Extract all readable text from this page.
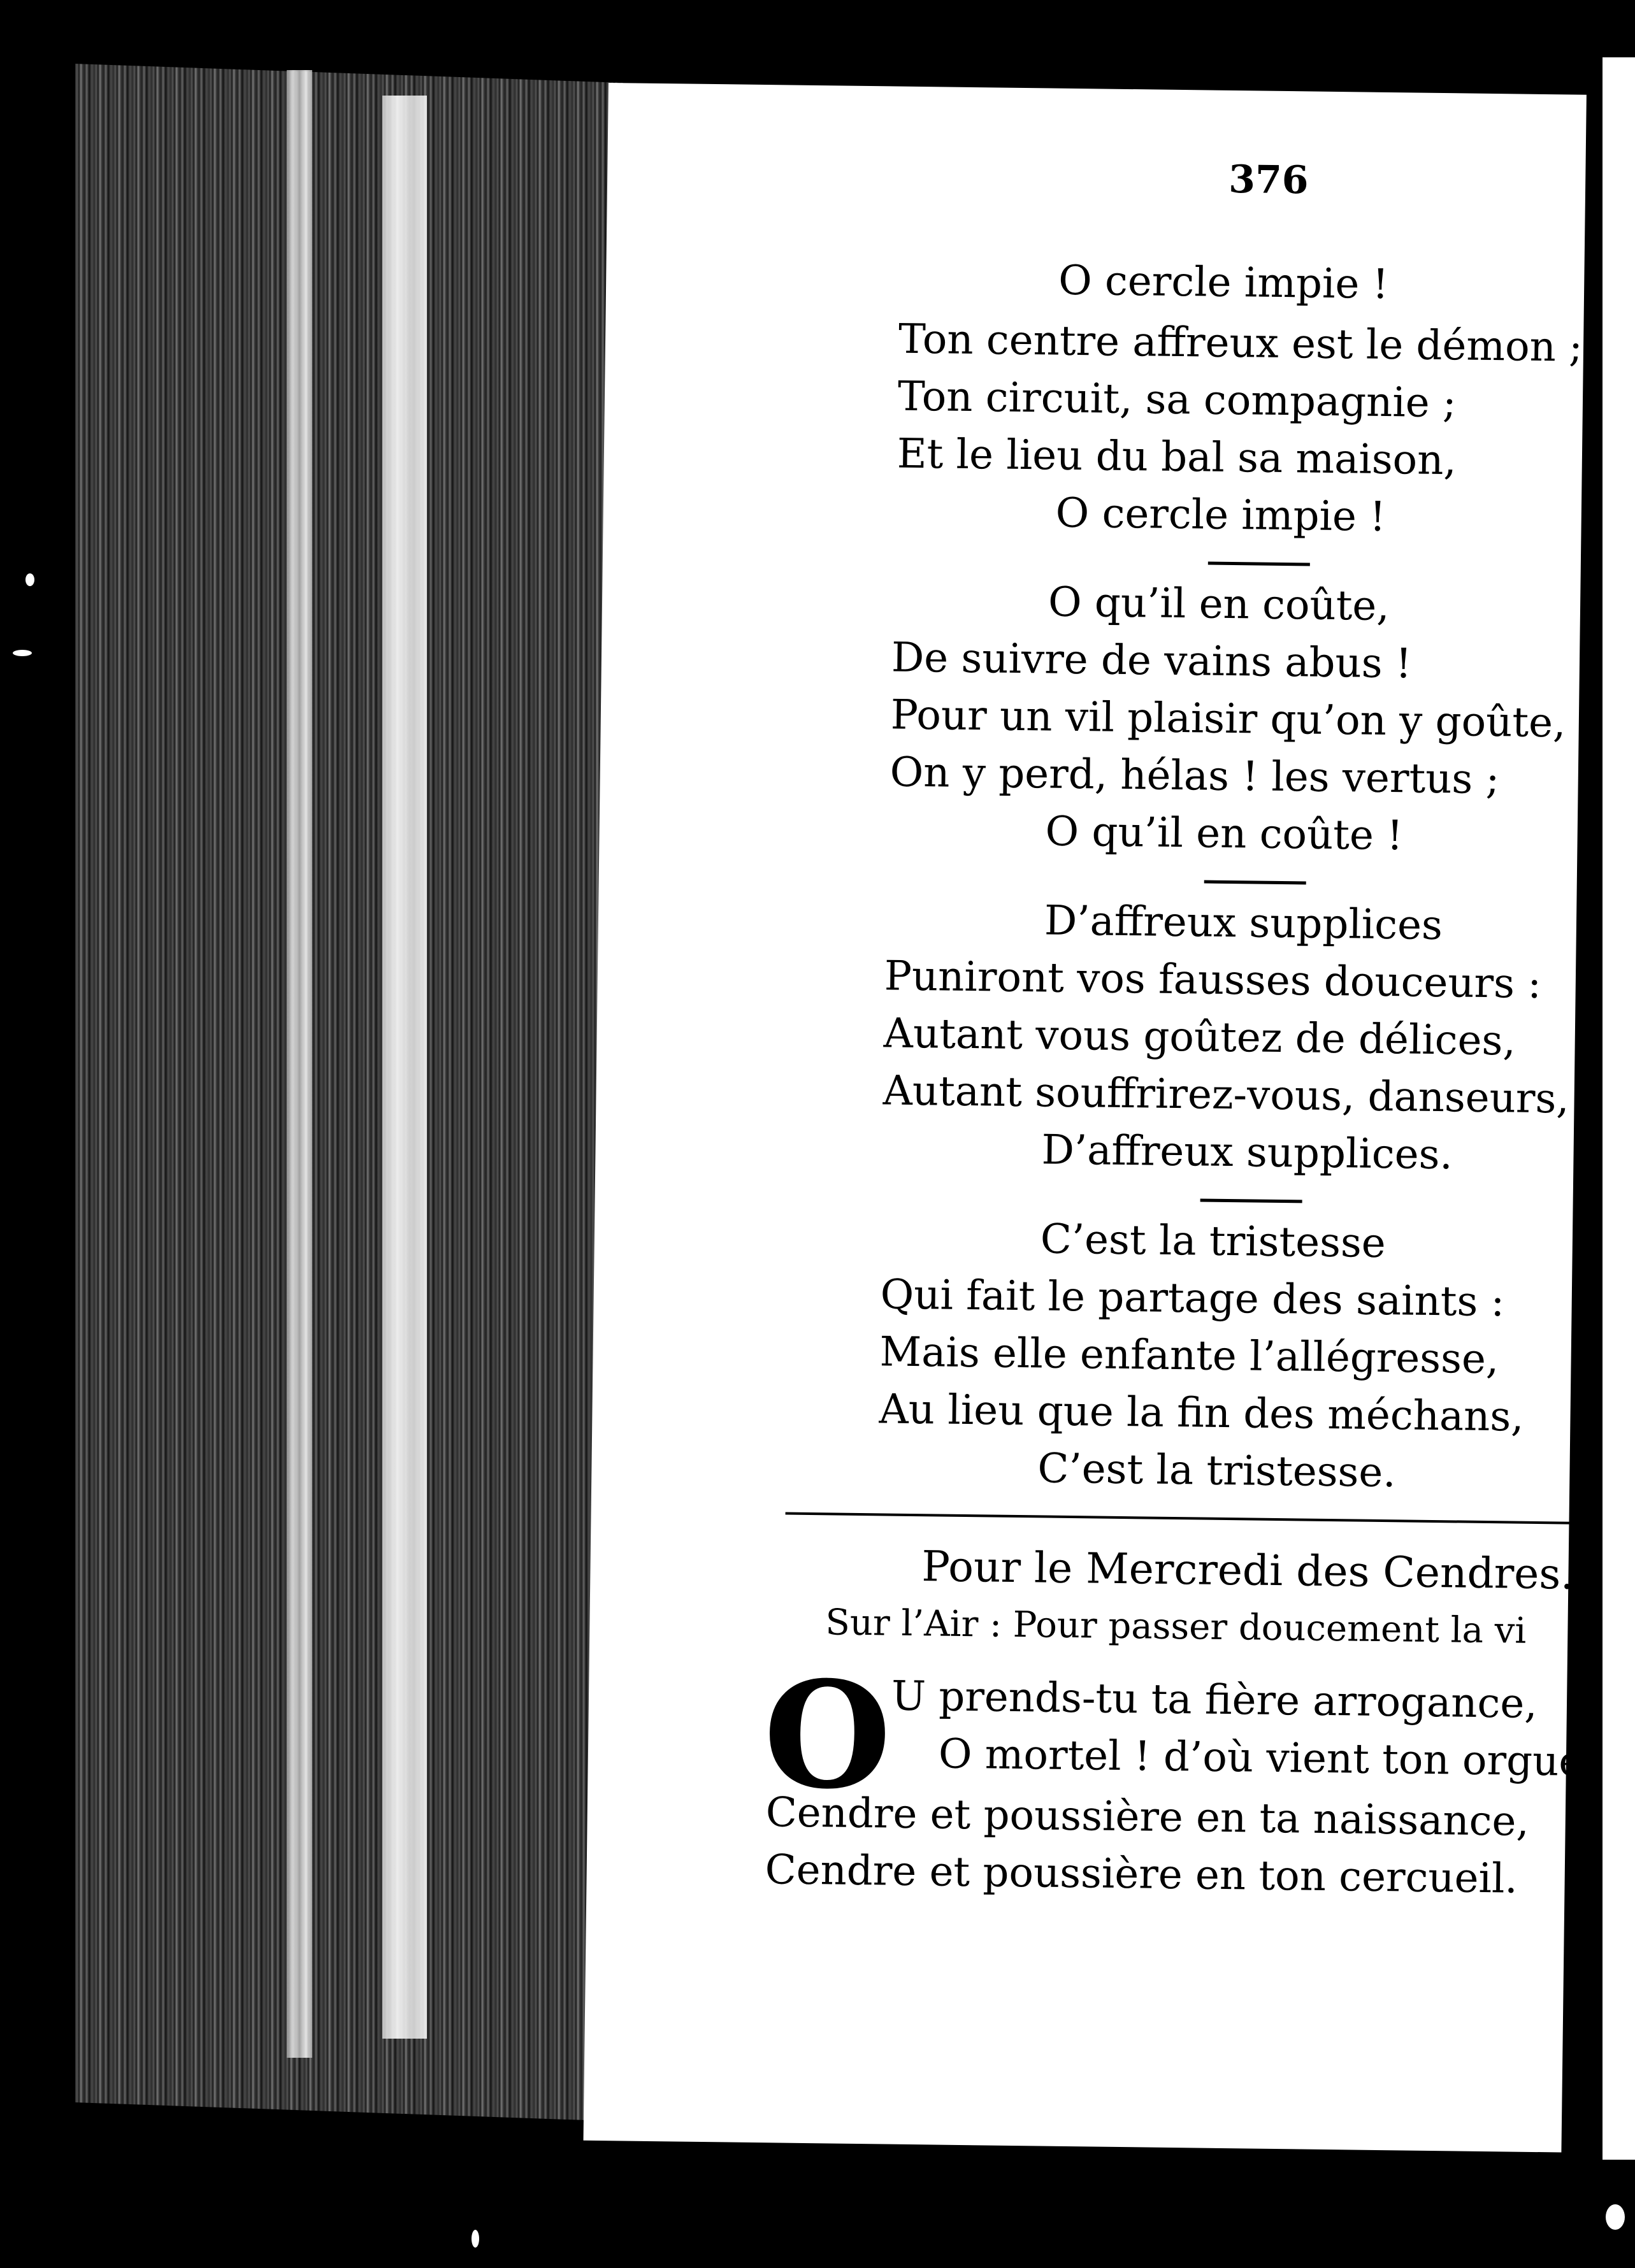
376
O cercle impie !
Ton centre affreux est le démon ;
Ton circuit, sa compagnie ;
Et le lieu du bal sa maison,
O cercle impie !
O qu’il en coûte,
De suivre de vains abus !
Pour un vil plaisir qu’on y goûte,
On y perd, hélas ! les vertus ;
O qu’il en coûte !
D’affreux supplices
Puniront vos fausses douceurs :
Autant vous goûtez de délices,
Autant souffrirez-vous, danseurs,
D’affreux supplices.
C’est la tristesse
Qui fait le partage des saints :
Mais elle enfante l’allégresse,
Au lieu que la fin des méchans,
C’est la tristesse.
Pour le Mercredi des Cendres.
Sur l’Air : Pour passer doucement la vi
O
U prends-tu ta fière arrogance,
O mortel ! d’où vient ton orgue
Cendre et poussière en ta naissance,
Cendre et poussière en ton cercueil.
